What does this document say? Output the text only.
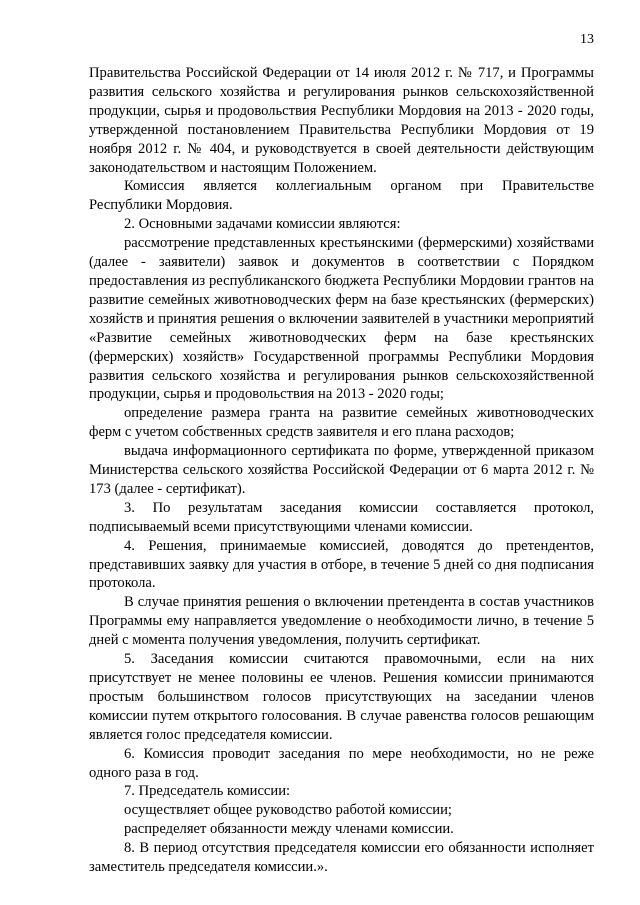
13

Правительства Российской Федерации от 14 июля 2012 г. № 717, и Программы развития сельского хозяйства и регулирования рынков сельскохозяйственной продукции, сырья и продовольствия Республики Мордовия на 2013 - 2020 годы, утвержденной постановлением Правительства Республики Мордовия от 19 ноября 2012 г. № 404, и руководствуется в своей деятельности действующим законодательством и настоящим Положением.

Комиссия является коллегиальным органом при Правительстве Республики Мордовия.

2. Основными задачами комиссии являются:

рассмотрение представленных крестьянскими (фермерскими) хозяйствами (далее - заявители) заявок и документов в соответствии с Порядком предоставления из республиканского бюджета Республики Мордовии грантов на развитие семейных животноводческих ферм на базе крестьянских (фермерских) хозяйств и принятия решения о включении заявителей в участники мероприятий «Развитие семейных животноводческих ферм на базе крестьянских (фермерских) хозяйств» Государственной программы Республики Мордовия развития сельского хозяйства и регулирования рынков сельскохозяйственной продукции, сырья и продовольствия на 2013 - 2020 годы;

определение размера гранта на развитие семейных животноводческих ферм с учетом собственных средств заявителя и его плана расходов;

выдача информационного сертификата по форме, утвержденной приказом Министерства сельского хозяйства Российской Федерации от 6 марта 2012 г. № 173 (далее - сертификат).

3. По результатам заседания комиссии составляется протокол, подписываемый всеми присутствующими членами комиссии.

4. Решения, принимаемые комиссией, доводятся до претендентов, представивших заявку для участия в отборе, в течение 5 дней со дня подписания протокола.

В случае принятия решения о включении претендента в состав участников Программы ему направляется уведомление о необходимости лично, в течение 5 дней с момента получения уведомления, получить сертификат.

5. Заседания комиссии считаются правомочными, если на них присутствует не менее половины ее членов. Решения комиссии принимаются простым большинством голосов присутствующих на заседании членов комиссии путем открытого голосования. В случае равенства голосов решающим является голос председателя комиссии.

6. Комиссия проводит заседания по мере необходимости, но не реже одного раза в год.

7. Председатель комиссии:

осуществляет общее руководство работой комиссии;

распределяет обязанности между членами комиссии.

8. В период отсутствия председателя комиссии его обязанности исполняет заместитель председателя комиссии.».
